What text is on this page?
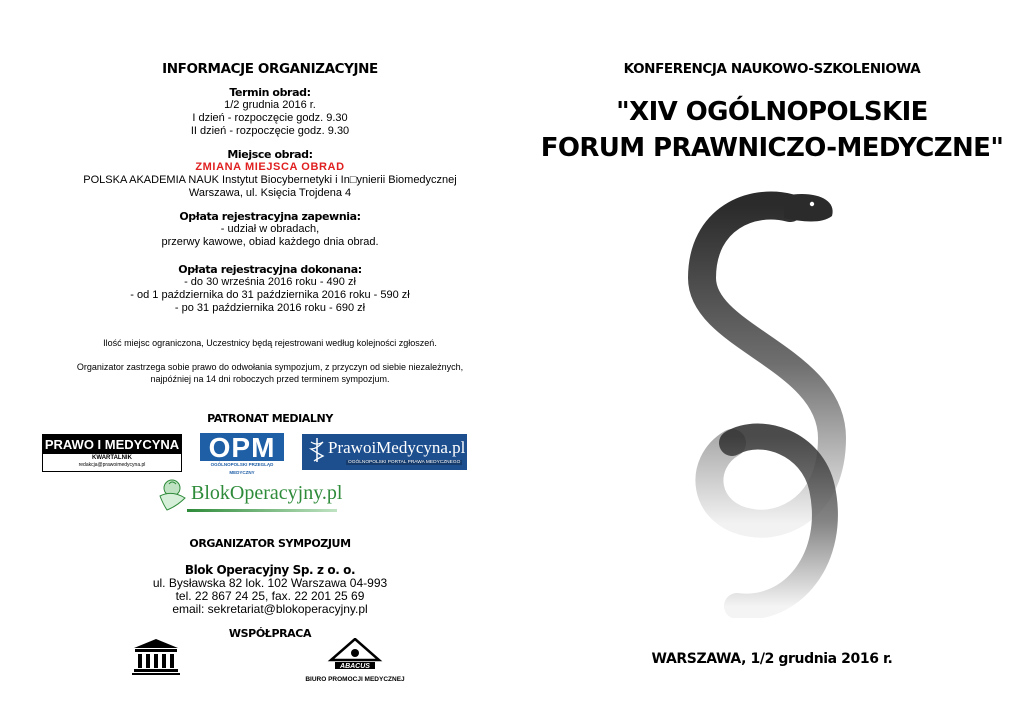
INFORMACJE ORGANIZACYJNE
Termin obrad:
1/2 grudnia 2016 r.
I dzień - rozpoczęcie godz. 9.30
II dzień - rozpoczęcie godz. 9.30
Miejsce obrad:
ZMIANA MIEJSCA OBRAD
POLSKA AKADEMIA NAUK Instytut Biocybernetyki i In□ynierii Biomedycznej
Warszawa, ul. Księcia Trojdena 4
Opłata rejestracyjna zapewnia:
- udział w obradach,
przerwy kawowe, obiad każdego dnia obrad.
Opłata rejestracyjna dokonana:
- do 30 września 2016 roku - 490 zł
- od 1 października do 31 października 2016 roku - 590 zł
- po 31 października 2016 roku - 690 zł
Ilość miejsc ograniczona, Uczestnicy będą rejestrowani według kolejności zgłoszeń.
Organizator zastrzega sobie prawo do odwołania sympozjum, z przyczyn od siebie niezależnych,
najpóźniej na 14 dni roboczych przed terminem sympozjum.
PATRONAT MEDIALNY
PRAWO I MEDYCYNA
KWARTALNIK
redakcja@prawoimedycyna.pl
OPM
OGÓLNOPOLSKI PRZEGLĄD MEDYCZNY
PrawoiMedycyna.pl
OGÓLNOPOLSKI PORTAL PRAWA MEDYCZNEGO
BlokOperacyjny.pl
ORGANIZATOR SYMPOZJUM
Blok Operacyjny Sp. z o. o.
ul. Bysławska 82 lok. 102 Warszawa 04-993
tel. 22 867 24 25, fax. 22 201 25 69
email: sekretariat@blokoperacyjny.pl
WSPÓŁPRACA
ABACUS
BIURO PROMOCJI MEDYCZNEJ
KONFERENCJA NAUKOWO-SZKOLENIOWA
"XIV OGÓLNOPOLSKIE
FORUM PRAWNICZO-MEDYCZNE"
WARSZAWA, 1/2 grudnia 2016 r.
